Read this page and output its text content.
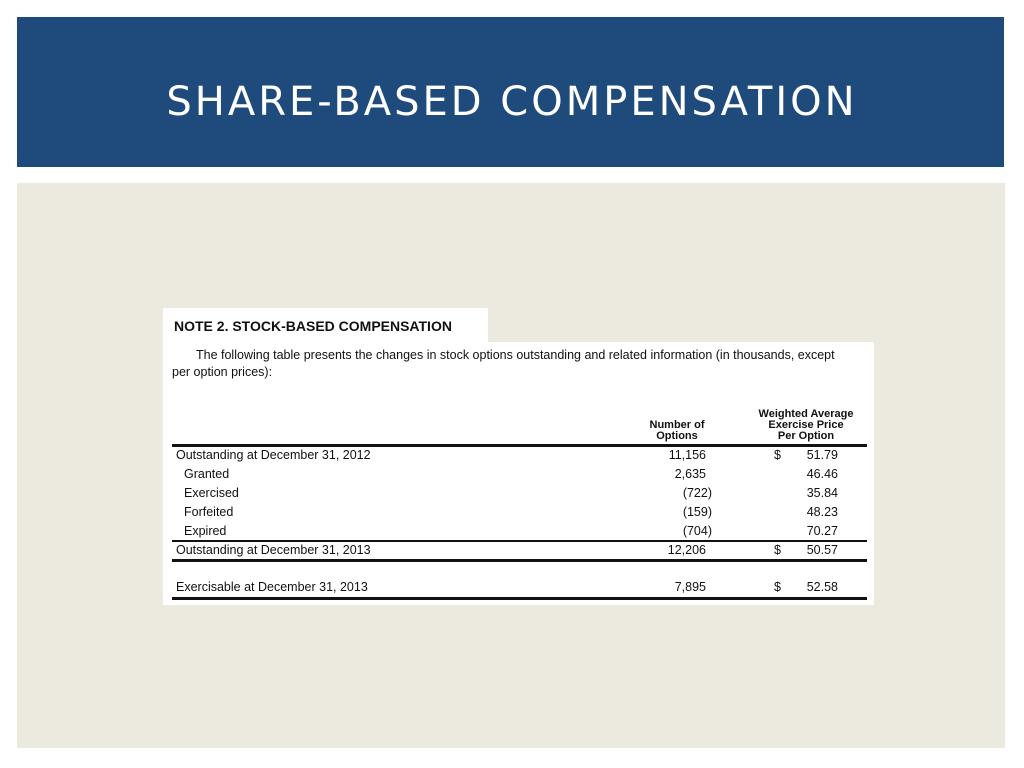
SHARE-BASED COMPENSATION
NOTE 2. STOCK-BASED COMPENSATION

The following table presents the changes in stock options outstanding and related information (in thousands, except per option prices):

Number of
Options
Weighted Average
Exercise Price
Per Option
Outstanding at December 31, 2012	11,156	$ 51.79
Granted	2,635	46.46
Exercised	(722)	35.84
Forfeited	(159)	48.23
Expired	(704)	70.27
Outstanding at December 31, 2013	12,206	$ 50.57
Exercisable at December 31, 2013	7,895	$ 52.58
